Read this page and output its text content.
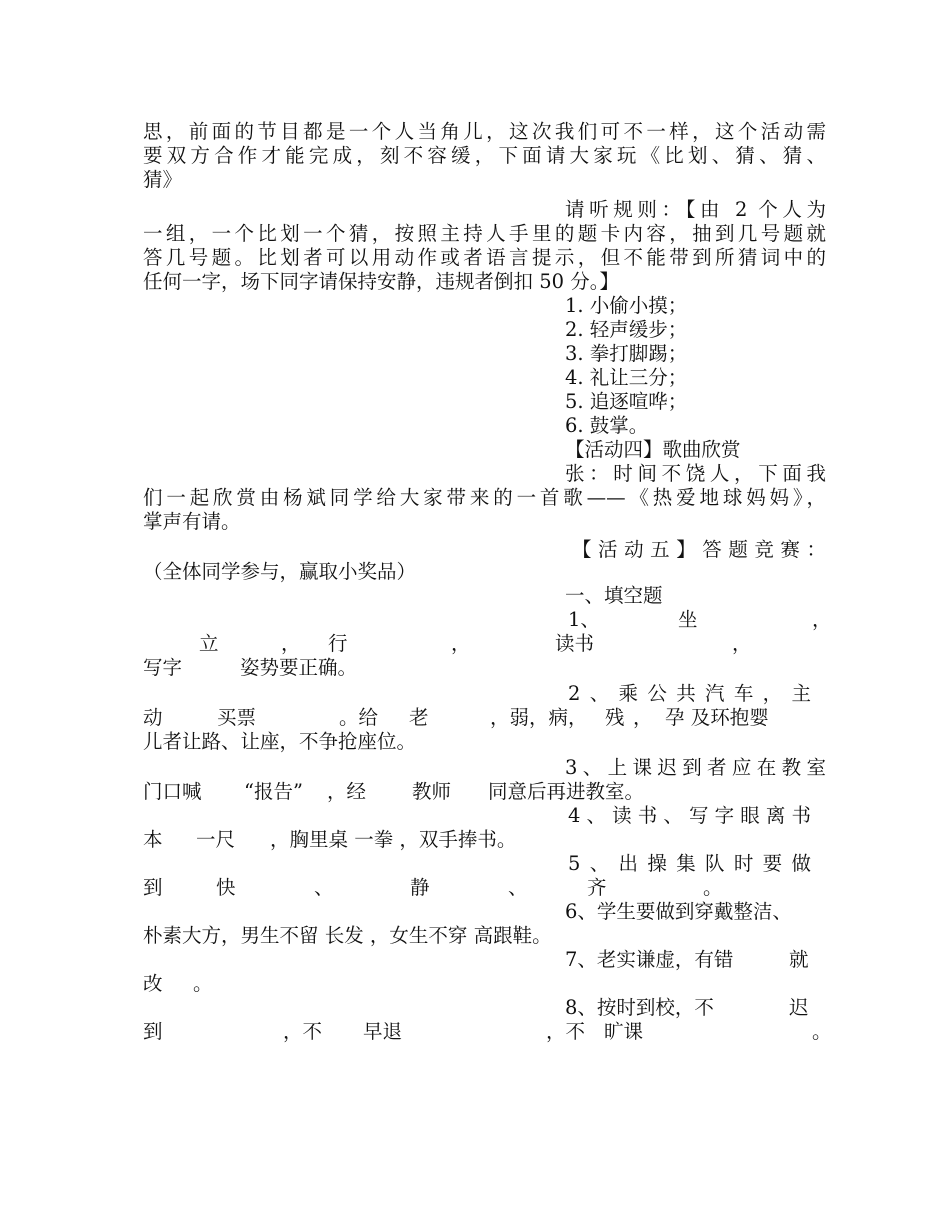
思，前面的节目都是一个人当角儿，这次我们可不一样，这个活动需
要双方合作才能完成，刻不容缓，下面请大家玩《比划、猜、猜、
猜》
请听规则：【由 2 个人为
一组，一个比划一个猜，按照主持人手里的题卡内容，抽到几号题就
答几号题。比划者可以用动作或者语言提示，但不能带到所猜词中的
任何一字，场下同字请保持安静，违规者倒扣 50 分。】
1. 小偷小摸；
2. 轻声缓步；
3. 拳打脚踢；
4. 礼让三分；
5. 追逐喧哗；
6. 鼓掌。
【活动四】歌曲欣赏
张：时间不饶人，下面我
们一起欣赏由杨斌同学给大家带来的一首歌——《热爱地球妈妈》，
掌声有请。
【活动五】答题竞赛：
（全体同学参与，赢取小奖品）
一、填空题

1、

	坐

	，

立

	，

行

	，

	读书

	，

写字

	姿势要正确。

2、乘公共汽车，主

动

	买票

	。给

老

	，弱，病，

残

，

孕 及环抱婴

儿者让路、让座，不争抢座位。
3、上课迟到者应在教室

门口喊

“报告”

，经

教师

同意后再进教室。

4、读书、写字眼离书

本

一尺

，胸里桌 一拳 ，双手捧书。

5、出操集队时要做

到

	快

	、

	静

	、

	齐

	。

6、学生要做到穿戴整洁、
朴素大方，男生不留 长发 ，女生不穿 高跟鞋。

7、老实谦虚，有错

	就

改

。

8、按时到校，不

	迟

到

	，不

早退

	，不

旷课

	。
